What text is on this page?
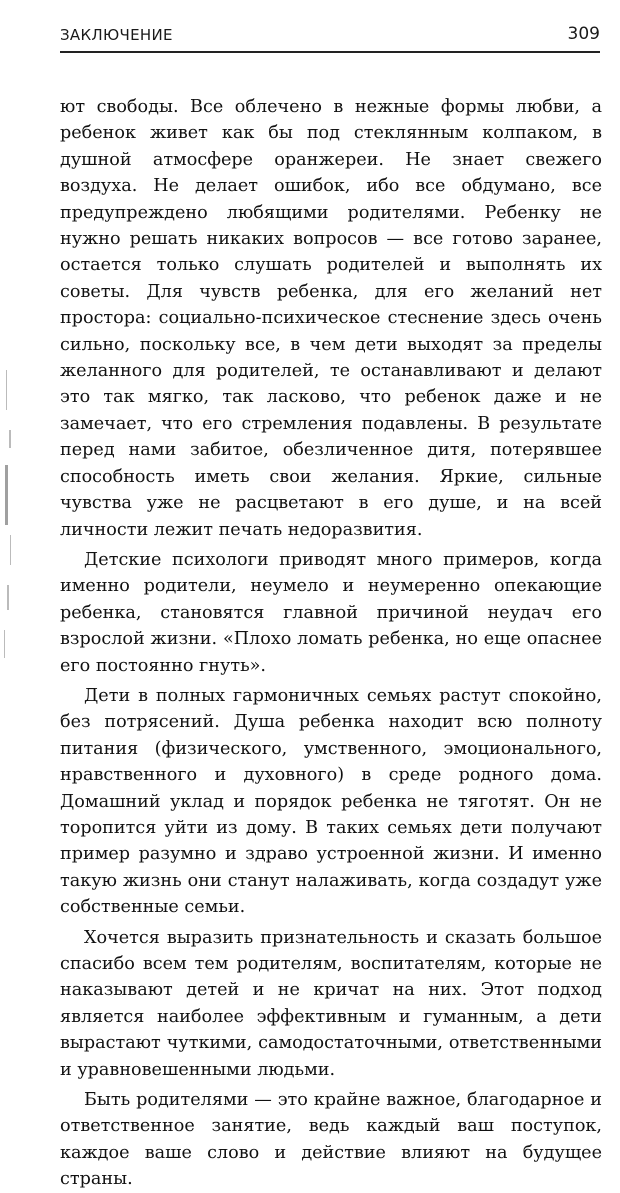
ЗАКЛЮЧЕНИЕ	309

ют свободы. Все облечено в нежные формы любви, а ребенок живет как бы под стеклянным колпаком, в душной атмосфере оранжереи. Не знает свежего воздуха. Не делает ошибок, ибо все обдумано, все предупреждено любящими родителями. Ребенку не нужно решать никаких вопросов — все готово заранее, остается только слушать родителей и выполнять их советы. Для чувств ребенка, для его желаний нет простора: социально-психическое стеснение здесь очень сильно, поскольку все, в чем дети выходят за пределы желанного для родителей, те останавливают и делают это так мягко, так ласково, что ребенок даже и не замечает, что его стремления подавлены. В результате перед нами забитое, обезличенное дитя, потерявшее способность иметь свои желания. Яркие, сильные чувства уже не расцветают в его душе, и на всей личности лежит печать недоразвития.

Детские психологи приводят много примеров, когда именно родители, неумело и неумеренно опекающие ребенка, становятся главной причиной неудач его взрослой жизни. «Плохо ломать ребенка, но еще опаснее его постоянно гнуть».

Дети в полных гармоничных семьях растут спокойно, без потрясений. Душа ребенка находит всю полноту питания (физического, умственного, эмоционального, нравственного и духовного) в среде родного дома. Домашний уклад и порядок ребенка не тяготят. Он не торопится уйти из дому. В таких семьях дети получают пример разумно и здраво устроенной жизни. И именно такую жизнь они станут налаживать, когда создадут уже собственные семьи.

Хочется выразить признательность и сказать большое спасибо всем тем родителям, воспитателям, которые не наказывают детей и не кричат на них. Этот подход является наиболее эффективным и гуманным, а дети вырастают чуткими, самодостаточными, ответственными и уравновешенными людьми.

Быть родителями — это крайне важное, благодарное и ответственное занятие, ведь каждый ваш поступок, каждое ваше слово и действие влияют на будущее страны.
